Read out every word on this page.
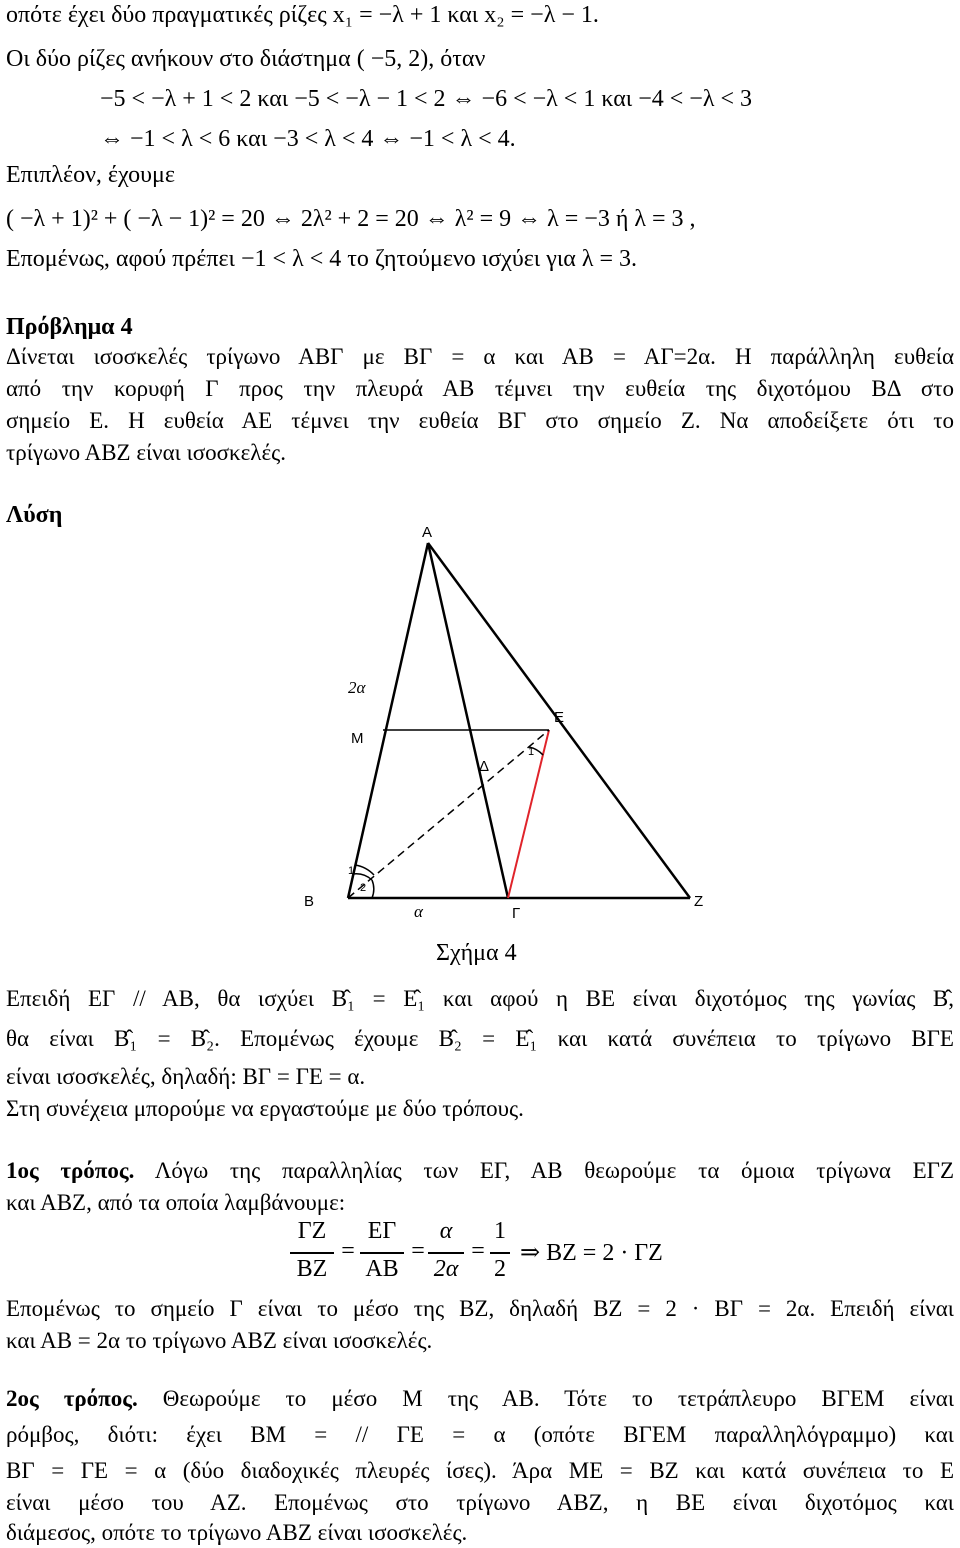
οπότε έχει δύο πραγματικές ρίζες x₁ = −λ + 1 και x₂ = −λ − 1.
Οι δύο ρίζες ανήκουν στο διάστημα ( −5, 2), όταν
−5 < −λ + 1 < 2 και −5 < −λ − 1 < 2 ⇔ −6 < −λ < 1 και −4 < −λ < 3
⇔ −1 < λ < 6 και −3 < λ < 4 ⇔ −1 < λ < 4.
Επιπλέον, έχουμε
( −λ + 1)² + ( −λ − 1)² = 20 ⇔ 2λ² + 2 = 20 ⇔ λ² = 9 ⇔ λ = −3 ή λ = 3 ,
Επομένως, αφού πρέπει −1 < λ < 4 το ζητούμενο ισχύει για λ = 3.
Πρόβλημα 4
Δίνεται ισοσκελές τρίγωνο ΑΒΓ με ΒΓ = α και ΑΒ = ΑΓ=2α. Η παράλληλη ευθεία
από την κορυφή Γ προς την πλευρά ΑΒ τέμνει την ευθεία της διχοτόμου ΒΔ στο
σημείο Ε. Η ευθεία ΑΕ τέμνει την ευθεία ΒΓ στο σημείο Ζ. Να αποδείξετε ότι το
τρίγωνο ΑΒΖ είναι ισοσκελές.
Λύση
A
B
Γ
Z
E
M
Δ
1
1
2
2α
α
Σχήμα 4
Επειδή ΕΓ // ΑΒ, θα ισχύει Β̂₁ = Ε̂₁ και αφού η ΒΕ είναι διχοτόμος της γωνίας Β̂,
θα είναι Β̂₁ = Β̂₂. Επομένως έχουμε Β̂₂ = Ε̂₁ και κατά συνέπεια το τρίγωνο ΒΓΕ
είναι ισοσκελές, δηλαδή: ΒΓ = ΓΕ = α.
Στη συνέχεια μπορούμε να εργαστούμε με δύο τρόπους.
1ος τρόπος. Λόγω της παραλληλίας των ΕΓ, ΑΒ θεωρούμε τα όμοια τρίγωνα ΕΓΖ
και ΑΒΖ, από τα οποία λαμβάνουμε:
ΓΖ
ΒΖ
=
ΕΓ
ΑΒ
=
α
2α
=
1
2
⇒ ΒΖ = 2 · ΓΖ
Επομένως το σημείο Γ είναι το μέσο της ΒΖ, δηλαδή ΒΖ = 2 · ΒΓ = 2α. Επειδή είναι
και ΑΒ = 2α το τρίγωνο ΑΒΖ είναι ισοσκελές.
2ος τρόπος. Θεωρούμε το μέσο Μ της ΑΒ. Τότε το τετράπλευρο ΒΓΕΜ είναι
ρόμβος, διότι: έχει ΒΜ = // ΓΕ = α (οπότε ΒΓΕΜ παραλληλόγραμμο) και
ΒΓ = ΓΕ = α (δύο διαδοχικές πλευρές ίσες). Άρα ΜΕ = ΒΖ και κατά συνέπεια το Ε
είναι μέσο του ΑΖ. Επομένως στο τρίγωνο ΑΒΖ, η ΒΕ είναι διχοτόμος και
διάμεσος, οπότε το τρίγωνο ΑΒΖ είναι ισοσκελές.
